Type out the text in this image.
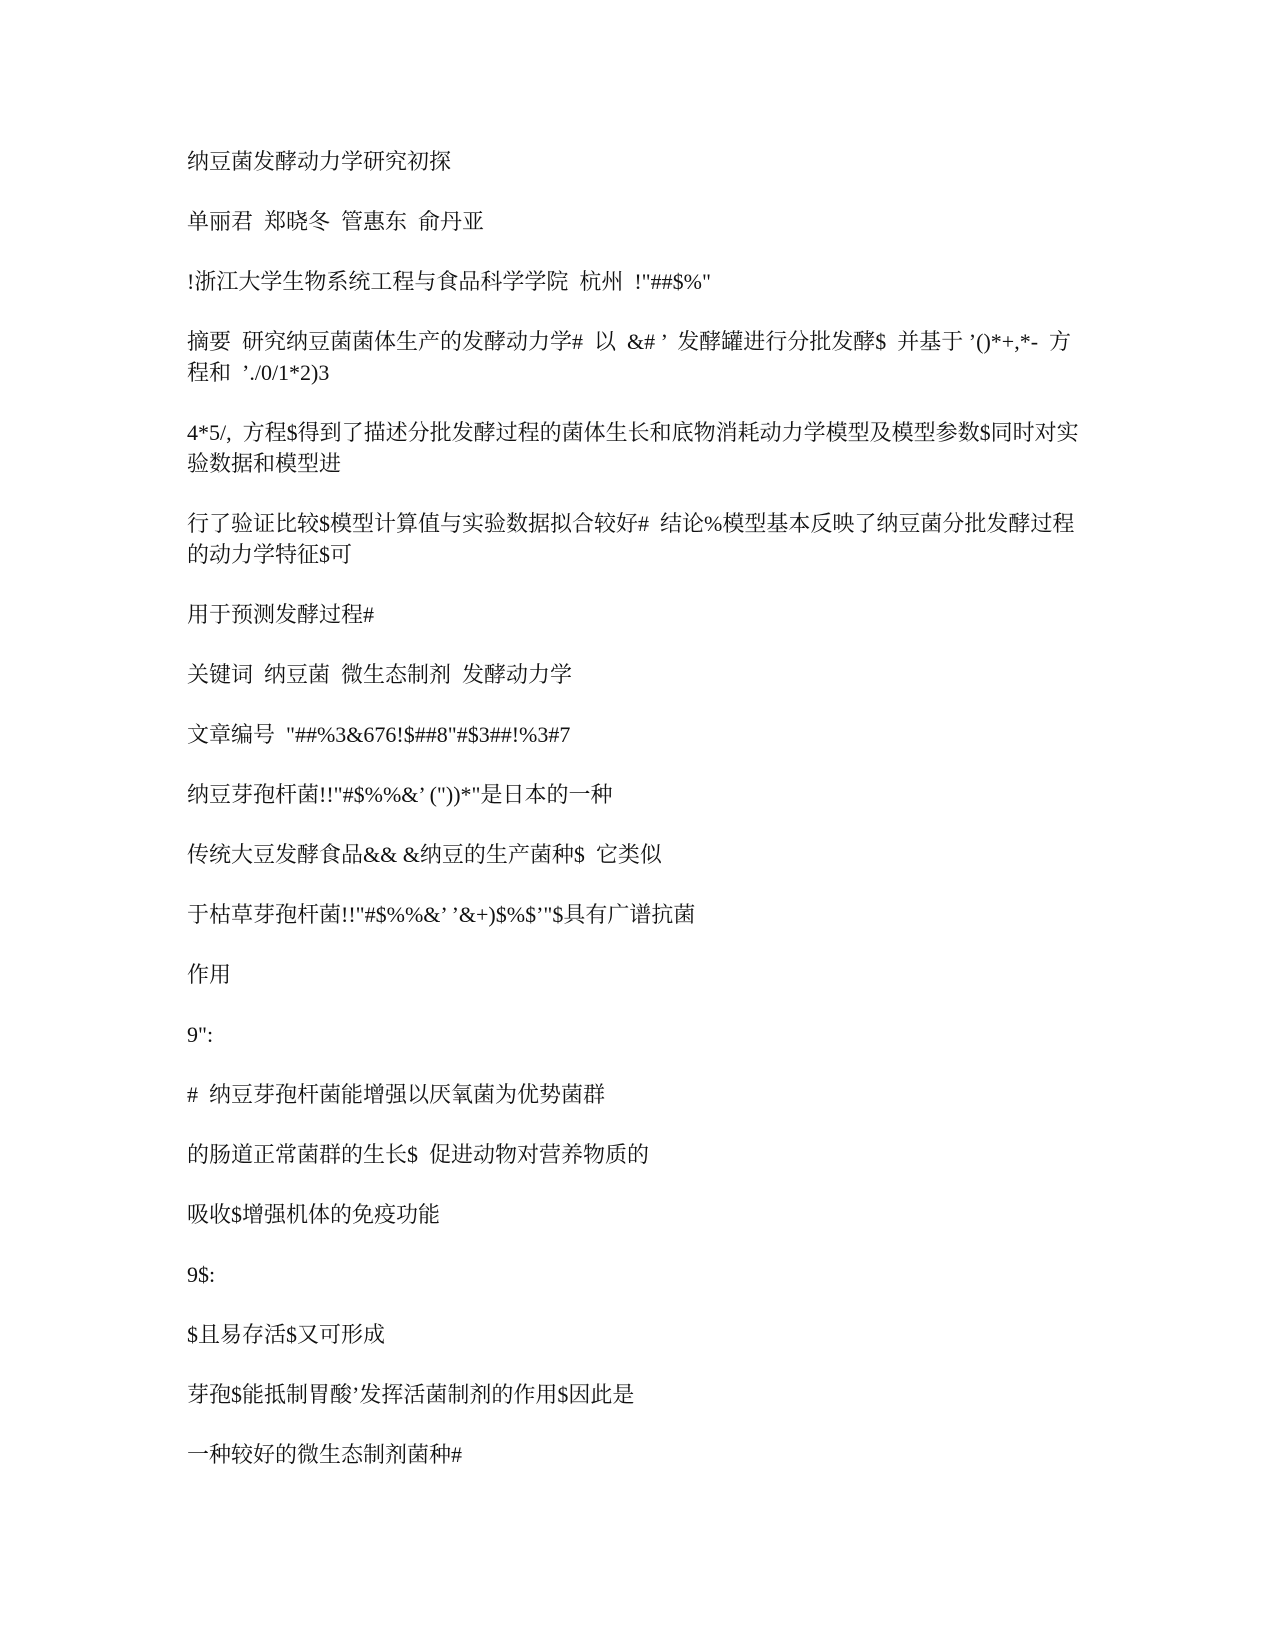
纳豆菌发酵动力学研究初探

单丽君  郑晓冬  管惠东  俞丹亚

!浙江大学生物系统工程与食品科学学院  杭州  !"##$%"

摘要  研究纳豆菌菌体生产的发酵动力学#  以  &# ’  发酵罐进行分批发酵$  并基于 ’()*+,*-  方程和  ’./0/1*2)3

4*5/,  方程$得到了描述分批发酵过程的菌体生长和底物消耗动力学模型及模型参数$同时对实验数据和模型进

行了验证比较$模型计算值与实验数据拟合较好#  结论%模型基本反映了纳豆菌分批发酵过程的动力学特征$可

用于预测发酵过程#

关键词  纳豆菌  微生态制剂  发酵动力学

文章编号  "##%3&676!$##8"#$3##!%3#7

纳豆芽孢杆菌!!"#$%%&’ ("))*"是日本的一种

传统大豆发酵食品&& &纳豆的生产菌种$  它类似

于枯草芽孢杆菌!!"#$%%&’ ’&+)$%$’"$具有广谱抗菌

作用

9":

#  纳豆芽孢杆菌能增强以厌氧菌为优势菌群

的肠道正常菌群的生长$  促进动物对营养物质的

吸收$增强机体的免疫功能

9$:

$且易存活$又可形成

芽孢$能抵制胃酸’发挥活菌制剂的作用$因此是

一种较好的微生态制剂菌种#
